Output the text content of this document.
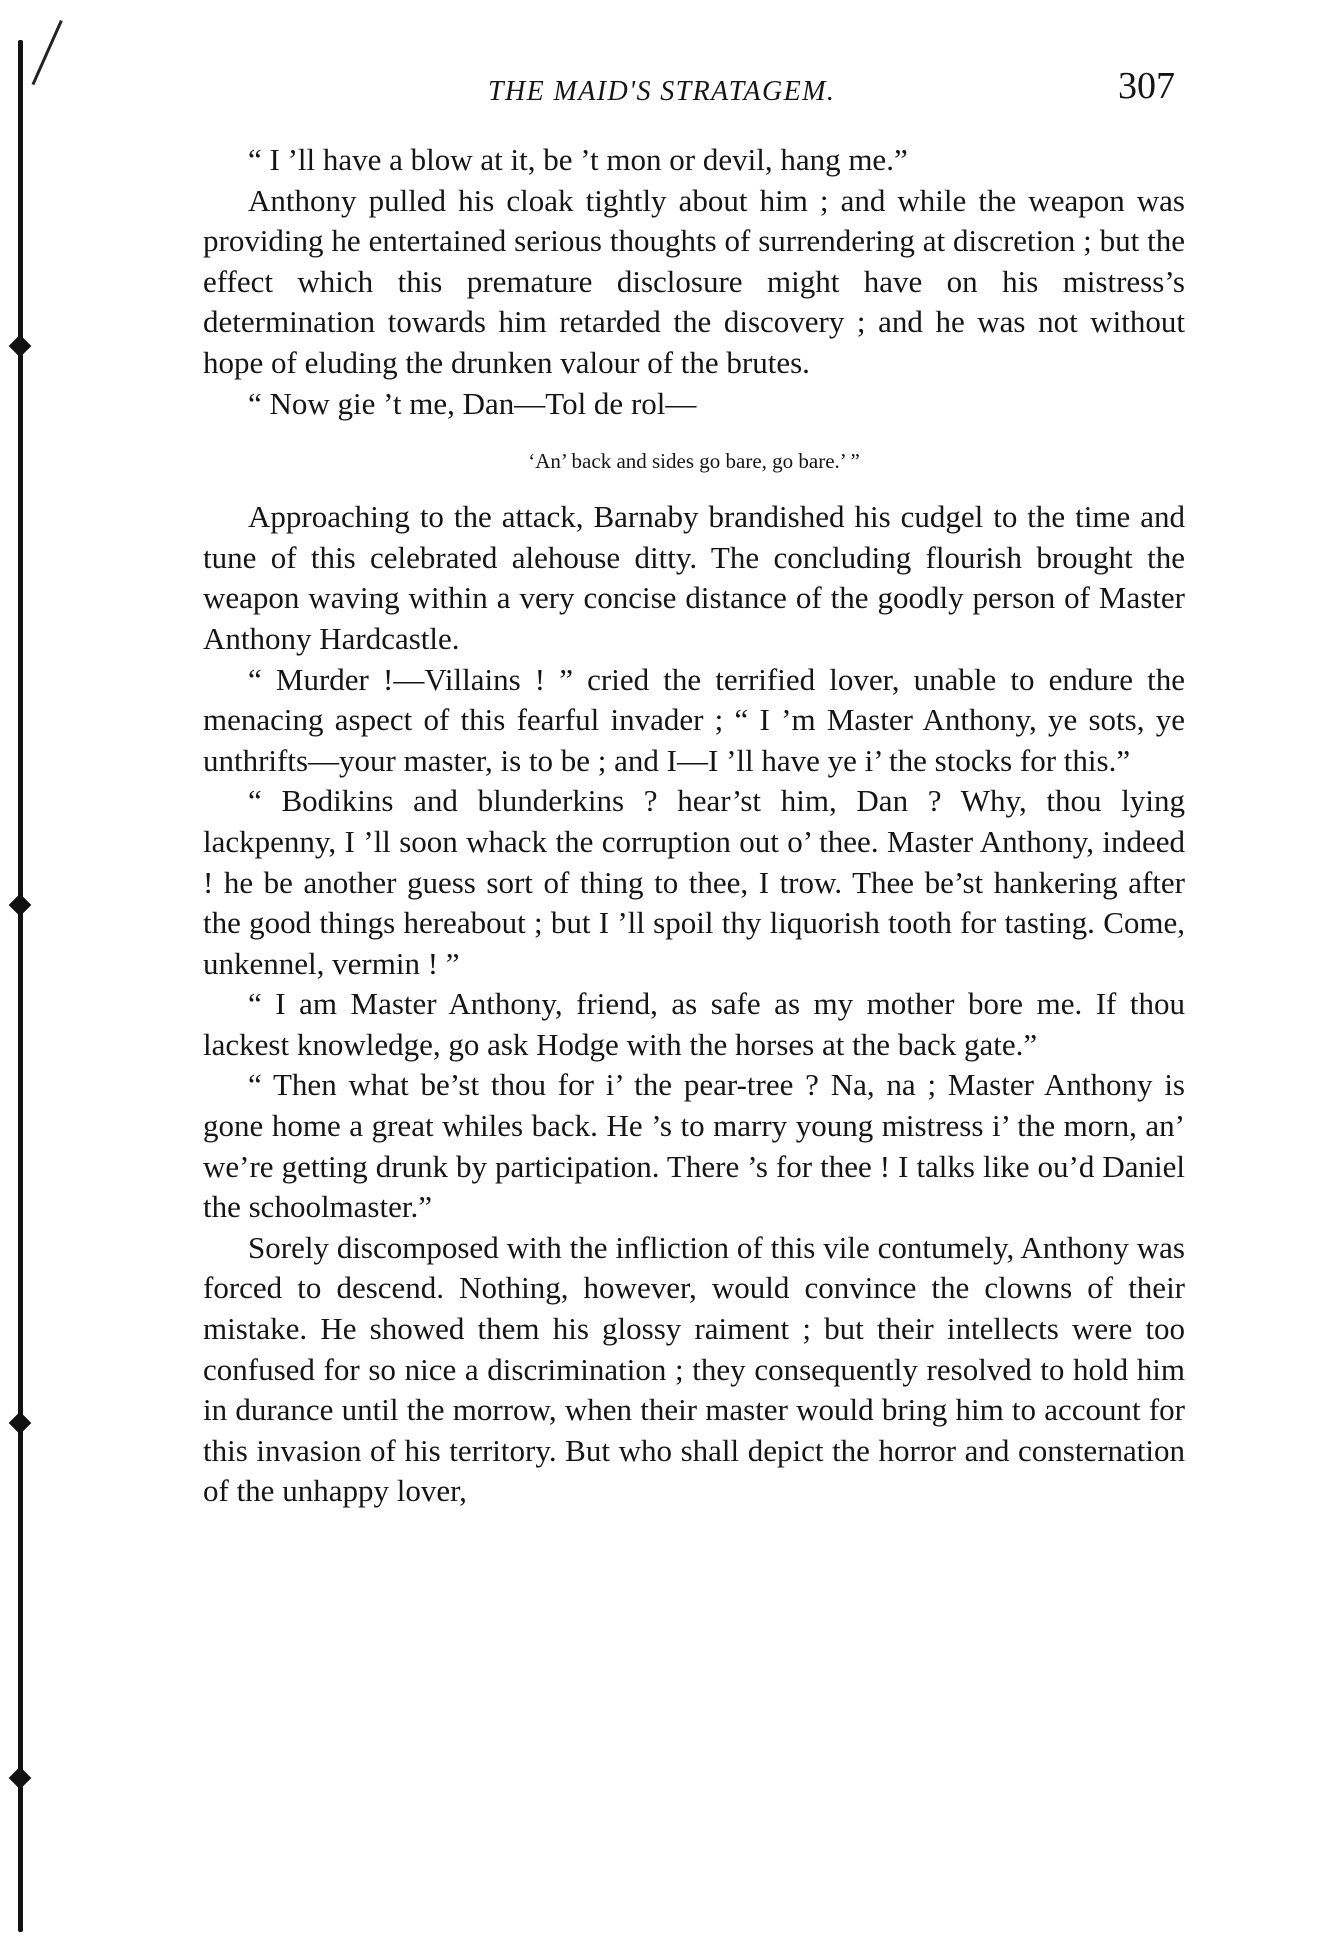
THE MAID'S STRATAGEM.	307

“ I ’ll have a blow at it, be ’t mon or devil, hang me.”

Anthony pulled his cloak tightly about him ; and while the weapon was providing he entertained serious thoughts of surrendering at discretion ; but the effect which this premature disclosure might have on his mistress’s determination towards him retarded the discovery ; and he was not without hope of eluding the drunken valour of the brutes.

“ Now gie ’t me, Dan—Tol de rol—

‘An’ back and sides go bare, go bare.’ ”

Approaching to the attack, Barnaby brandished his cudgel to the time and tune of this celebrated alehouse ditty. The concluding flourish brought the weapon waving within a very concise distance of the goodly person of Master Anthony Hardcastle.

“ Murder !—Villains ! ” cried the terrified lover, unable to endure the menacing aspect of this fearful invader ; “ I ’m Master Anthony, ye sots, ye unthrifts—your master, is to be ; and I—I ’ll have ye i’ the stocks for this.”

“ Bodikins and blunderkins ? hear’st him, Dan ? Why, thou lying lackpenny, I ’ll soon whack the corruption out o’ thee. Master Anthony, indeed ! he be another guess sort of thing to thee, I trow. Thee be’st hankering after the good things hereabout ; but I ’ll spoil thy liquorish tooth for tasting. Come, unkennel, vermin ! ”

“ I am Master Anthony, friend, as safe as my mother bore me. If thou lackest knowledge, go ask Hodge with the horses at the back gate.”

“ Then what be’st thou for i’ the pear-tree ? Na, na ; Master Anthony is gone home a great whiles back. He ’s to marry young mistress i’ the morn, an’ we’re getting drunk by participation. There ’s for thee ! I talks like ou’d Daniel the schoolmaster.”

Sorely discomposed with the infliction of this vile contumely, Anthony was forced to descend. Nothing, however, would convince the clowns of their mistake. He showed them his glossy raiment ; but their intellects were too confused for so nice a discrimination ; they consequently resolved to hold him in durance until the morrow, when their master would bring him to account for this invasion of his territory. But who shall depict the horror and consternation of the unhappy lover,
